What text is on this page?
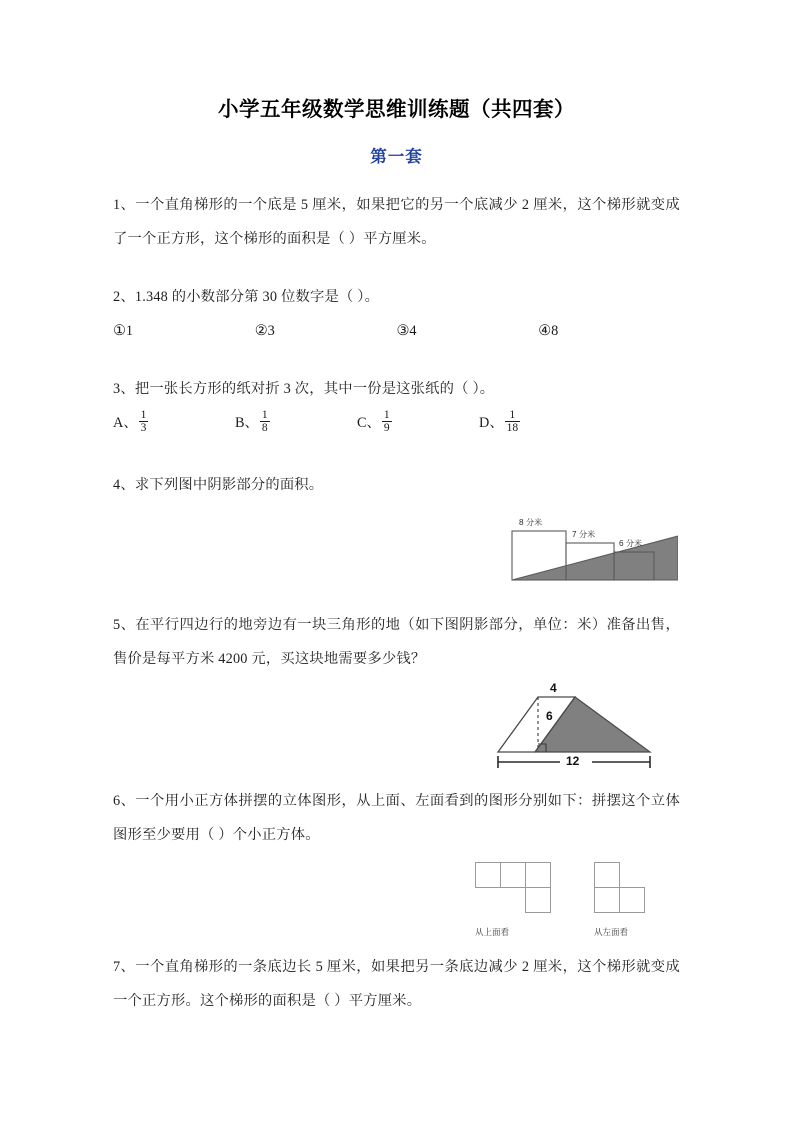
小学五年级数学思维训练题（共四套）
第一套
1、一个直角梯形的一个底是 5 厘米，如果把它的另一个底减少 2 厘米，这个梯形就变成了一个正方形，这个梯形的面积是（ ）平方厘米。
2、1.348 的小数部分第 30 位数字是（ ）。
①1	②3	③4	④8
3、把一张长方形的纸对折 3 次，其中一份是这张纸的（ ）。
A、 $\frac{1}{3}$	B、 $\frac{1}{8}$	C、 $\frac{1}{9}$	D、 $\frac{1}{18}$
4、求下列图中阴影部分的面积。
8 分米
7 分米
6 分米
5、在平行四边行的地旁边有一块三角形的地（如下图阴影部分，单位：米）准备出售，售价是每平方米 4200 元，买这块地需要多少钱？
4
6
12
6、一个用小正方体拼摆的立体图形，从上面、左面看到的图形分别如下：拼摆这个立体图形至少要用（ ）个小正方体。
从上面看	从左面看
7、一个直角梯形的一条底边长 5 厘米，如果把另一条底边减少 2 厘米，这个梯形就变成一个正方形。这个梯形的面积是（ ）平方厘米。
